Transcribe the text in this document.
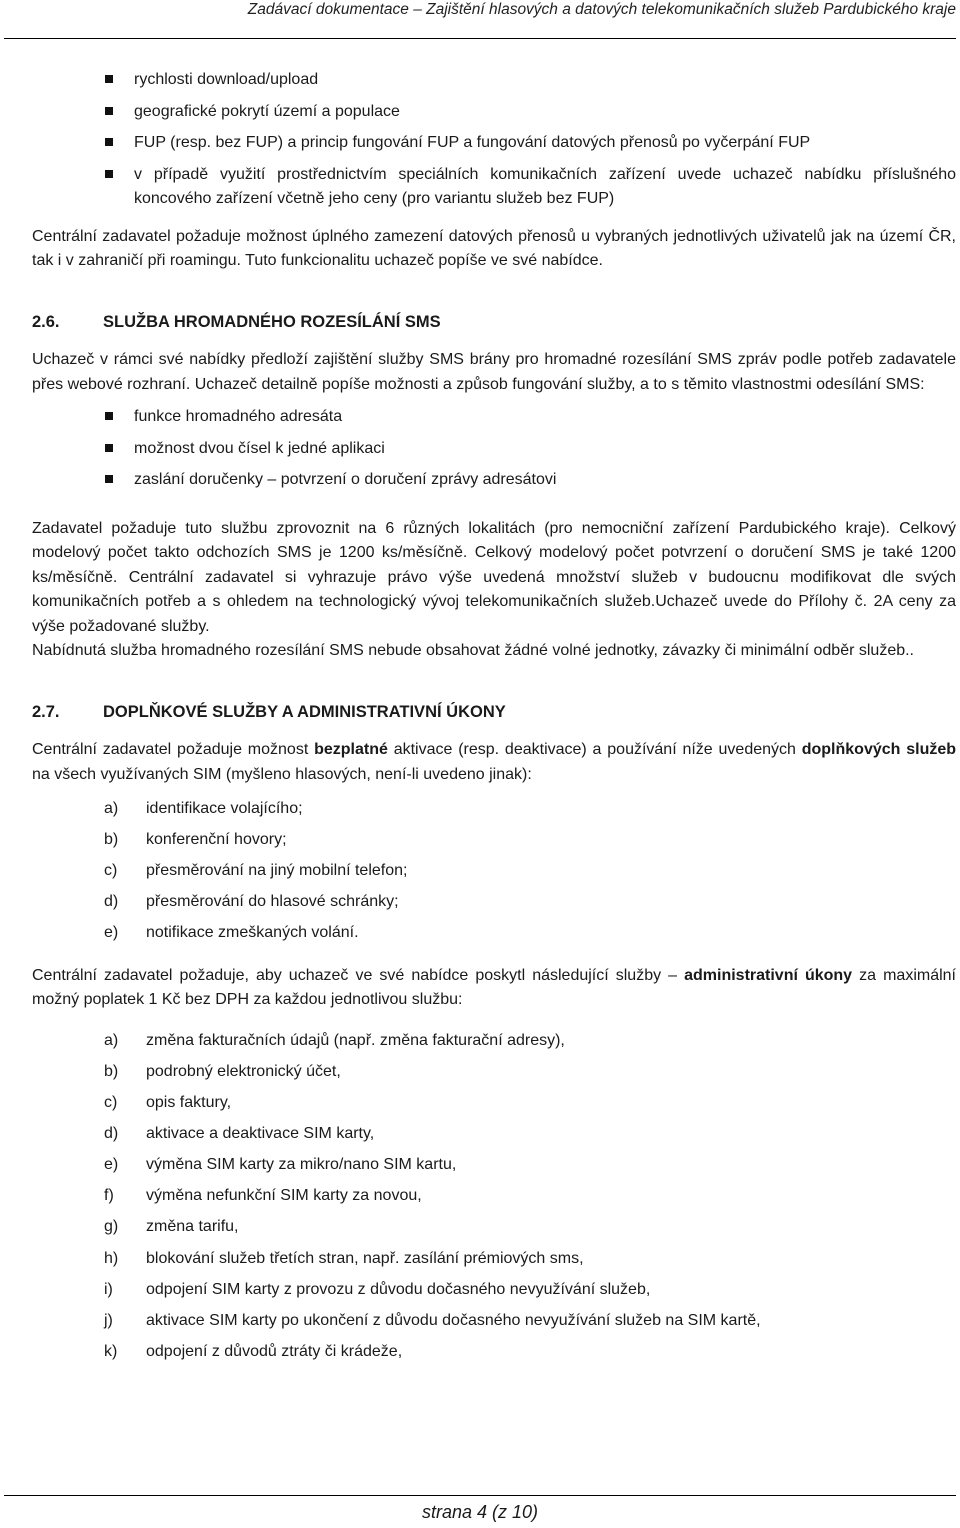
Zadávací dokumentace – Zajištění hlasových a datových telekomunikačních služeb Pardubického kraje
rychlosti download/upload
geografické pokrytí území a populace
FUP (resp. bez FUP) a princip fungování FUP a fungování datových přenosů po vyčerpání FUP
v případě využití prostřednictvím speciálních komunikačních zařízení uvede uchazeč nabídku příslušného koncového zařízení včetně jeho ceny (pro variantu služeb bez FUP)

Centrální zadavatel požaduje možnost úplného zamezení datových přenosů u vybraných jednotlivých uživatelů jak na území ČR, tak i v zahraničí při roamingu. Tuto funkcionalitu uchazeč popíše ve své nabídce.

2.6.	SLUŽBA HROMADNÉHO ROZESÍLÁNÍ SMS

Uchazeč v rámci své nabídky předloží zajištění služby SMS brány pro hromadné rozesílání SMS zpráv podle potřeb zadavatele přes webové rozhraní. Uchazeč detailně popíše možnosti a způsob fungování služby, a to s těmito vlastnostmi odesílání SMS:

funkce hromadného adresáta
možnost dvou čísel k jedné aplikaci
zaslání doručenky – potvrzení o doručení zprávy adresátovi

Zadavatel požaduje tuto službu zprovoznit na 6 různých lokalitách (pro nemocniční zařízení Pardubického kraje). Celkový modelový počet takto odchozích SMS je 1200 ks/měsíčně. Celkový modelový počet potvrzení o doručení SMS je také 1200 ks/měsíčně. Centrální zadavatel si vyhrazuje právo výše uvedená množství služeb v budoucnu modifikovat dle svých komunikačních potřeb a s ohledem na technologický vývoj telekomunikačních služeb.Uchazeč uvede do Přílohy č. 2A ceny za výše požadované služby.

Nabídnutá služba hromadného rozesílání SMS nebude obsahovat žádné volné jednotky, závazky či minimální odběr služeb..

2.7.	DOPLŇKOVÉ SLUŽBY A ADMINISTRATIVNÍ ÚKONY

Centrální zadavatel požaduje možnost bezplatné aktivace (resp. deaktivace) a používání níže uvedených doplňkových služeb na všech využívaných SIM (myšleno hlasových, není-li uvedeno jinak):

a)	identifikace volajícího;
b)	konferenční hovory;
c)	přesměrování na jiný mobilní telefon;
d)	přesměrování do hlasové schránky;
e)	notifikace zmeškaných volání.

Centrální zadavatel požaduje, aby uchazeč ve své nabídce poskytl následující služby – administrativní úkony za maximální možný poplatek 1 Kč bez DPH za každou jednotlivou službu:

a)	změna fakturačních údajů (např. změna fakturační adresy),
b)	podrobný elektronický účet,
c)	opis faktury,
d)	aktivace a deaktivace SIM karty,
e)	výměna SIM karty za mikro/nano SIM kartu,
f)	výměna nefunkční SIM karty za novou,
g)	změna tarifu,
h)	blokování služeb třetích stran, např. zasílání prémiových sms,
i)	odpojení SIM karty z provozu z důvodu dočasného nevyužívání služeb,
j)	aktivace SIM karty po ukončení z důvodu dočasného nevyužívání služeb na SIM kartě,
k)	odpojení z důvodů ztráty či krádeže,
strana 4 (z 10)
